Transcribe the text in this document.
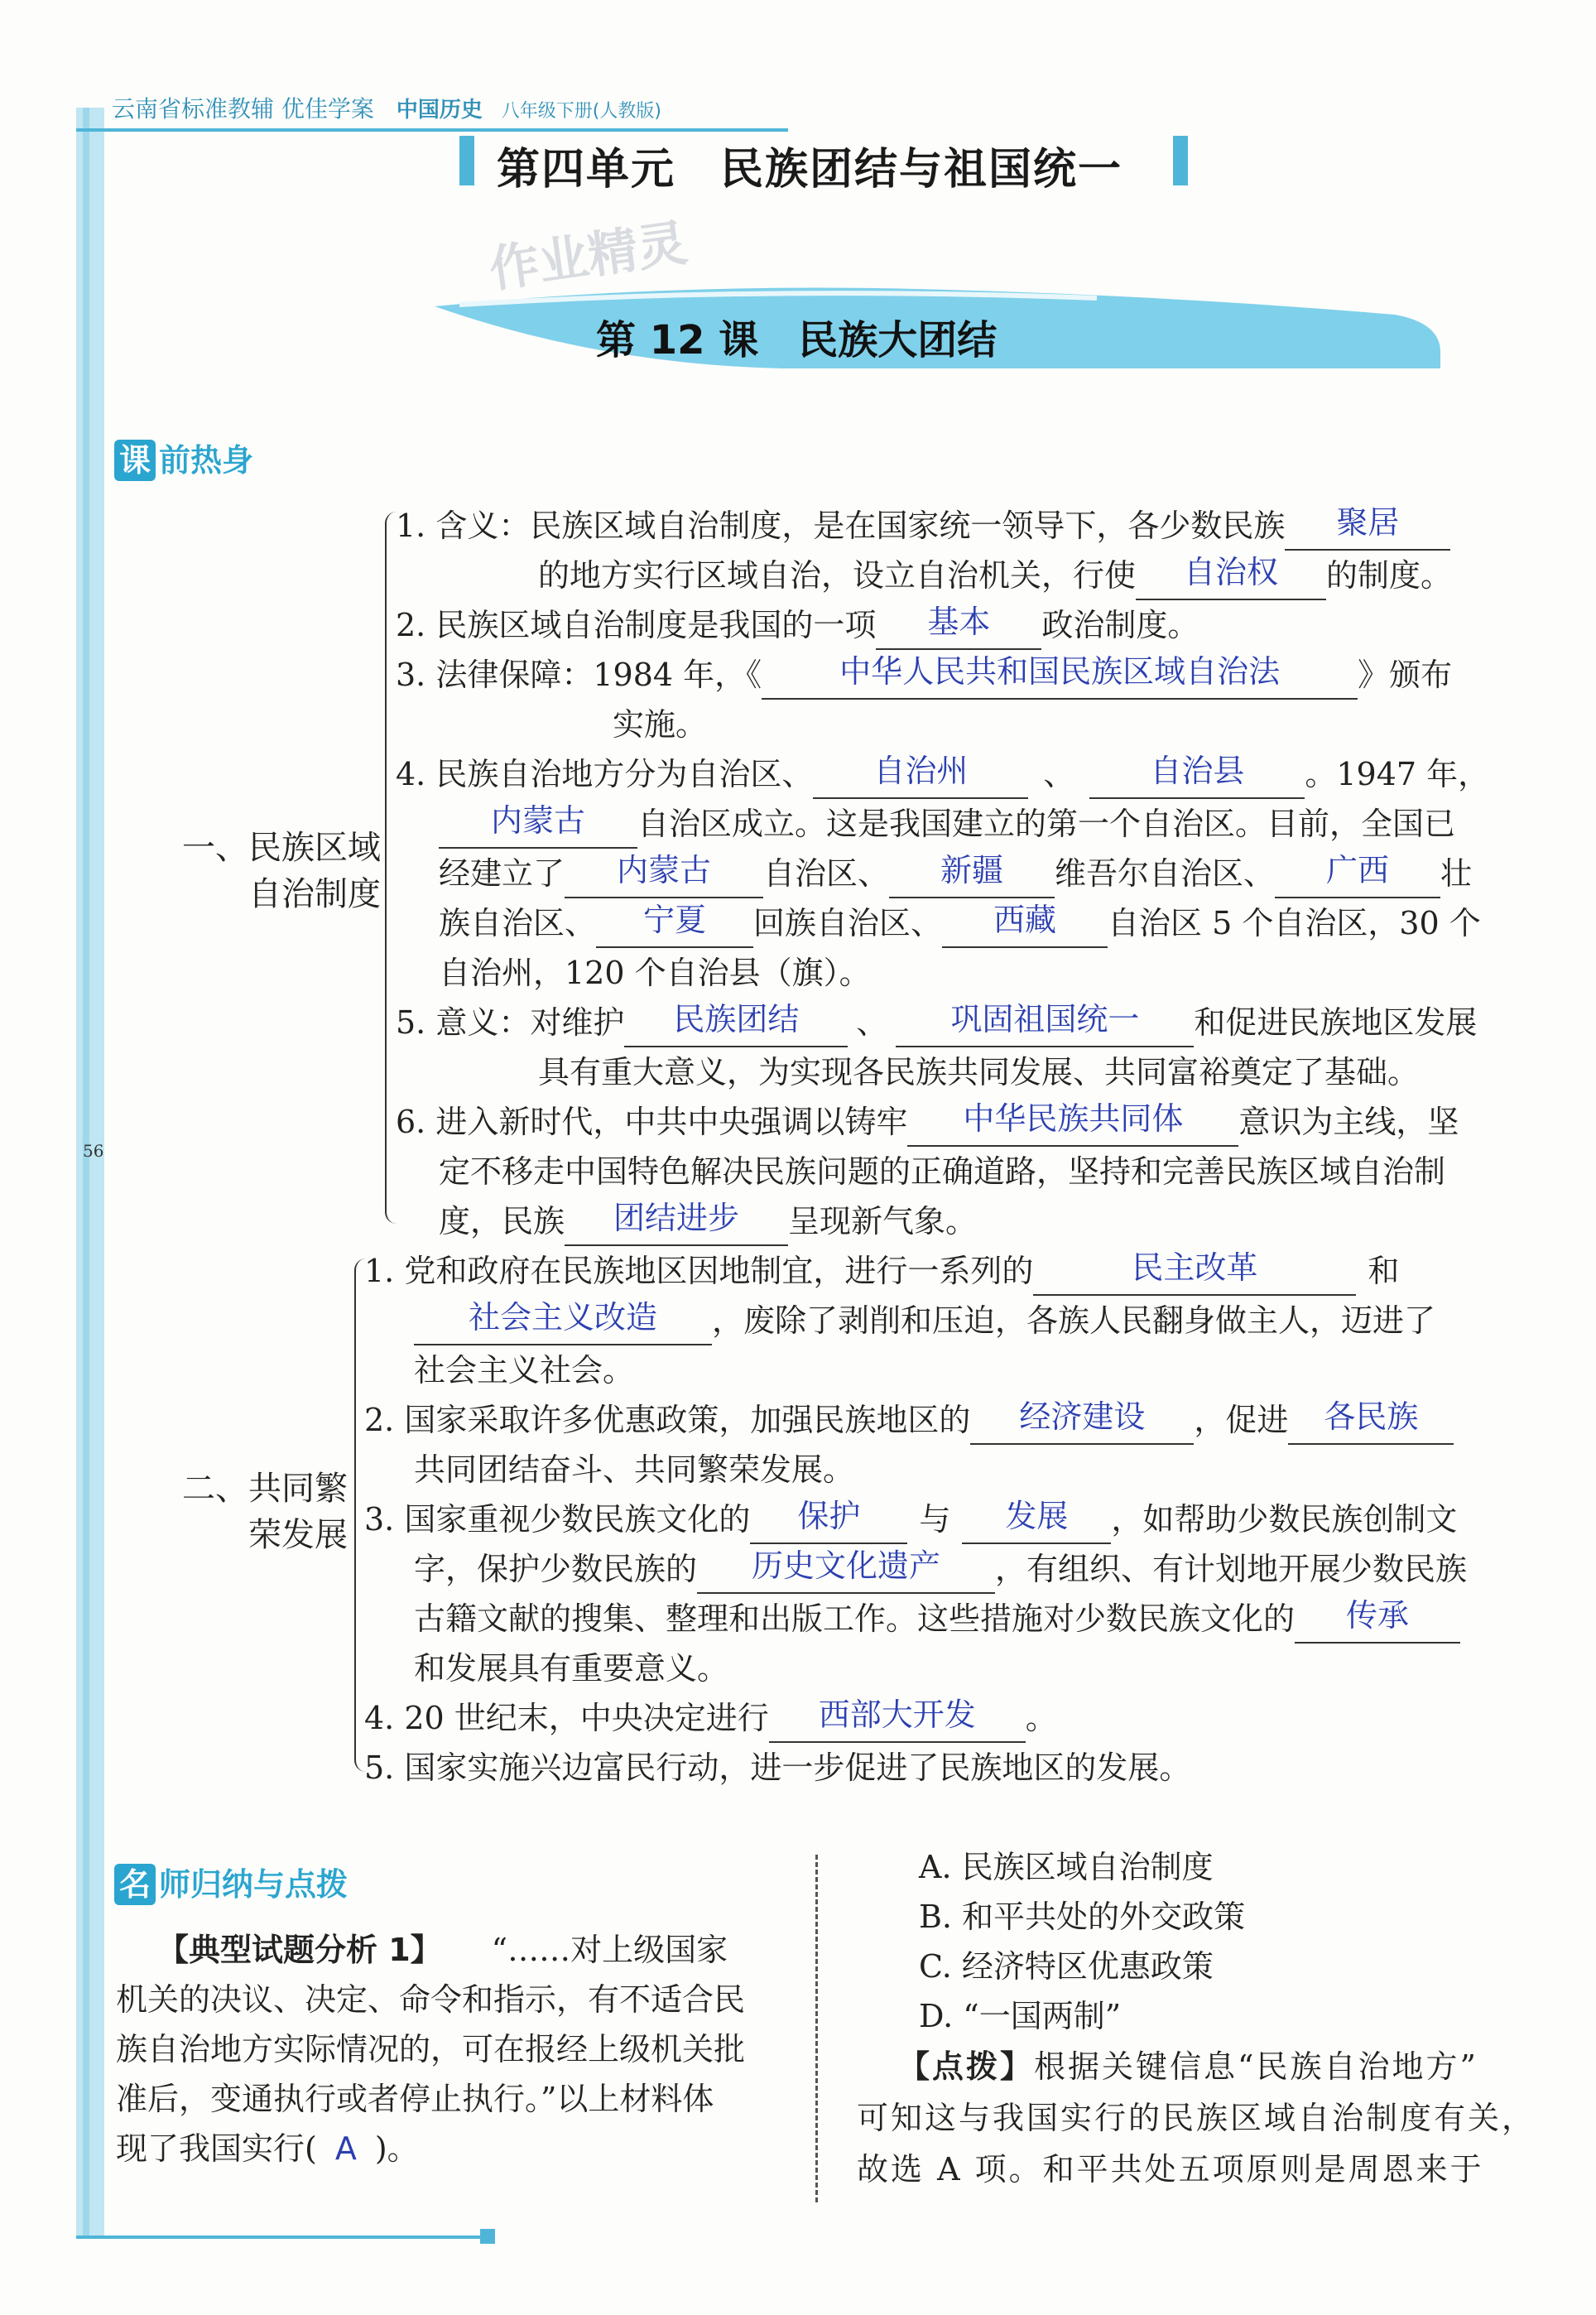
56
云南省标准教辅 优佳学案 中国历史 八年级下册(人教版)
第四单元　民族团结与祖国统一
作业精灵
第 12 课　民族大团结
课 前热身
一、民族区域
自治制度
1. 含义：民族区域自治制度，是在国家统一领导下，各少数民族 聚居
的地方实行区域自治，设立自治机关，行使 自治权 的制度。
2. 民族区域自治制度是我国的一项 基本 政治制度。
3. 法律保障：1984 年，《 中华人民共和国民族区域自治法 》颁布
实施。
4. 民族自治地方分为自治区、 自治州 、 自治县 。1947 年，
内蒙古 自治区成立。这是我国建立的第一个自治区。目前，全国已
经建立了 内蒙古 自治区、 新疆 维吾尔自治区、 广西 壮
族自治区、 宁夏 回族自治区、 西藏 自治区 5 个自治区，30 个
自治州，120 个自治县（旗）。
5. 意义：对维护 民族团结 、 巩固祖国统一 和促进民族地区发展
具有重大意义，为实现各民族共同发展、共同富裕奠定了基础。
6. 进入新时代，中共中央强调以铸牢 中华民族共同体 意识为主线，坚
定不移走中国特色解决民族问题的正确道路，坚持和完善民族区域自治制
度，民族 团结进步 呈现新气象。
二、共同繁
荣发展
1. 党和政府在民族地区因地制宜，进行一系列的	民主改革	和
社会主义改造 ，废除了剥削和压迫，各族人民翻身做主人，迈进了
社会主义社会。
2. 国家采取许多优惠政策，加强民族地区的 经济建设 ，促进 各民族
共同团结奋斗、共同繁荣发展。
3. 国家重视少数民族文化的 保护 与 发展 ，如帮助少数民族创制文
字，保护少数民族的 历史文化遗产 ，有组织、有计划地开展少数民族
古籍文献的搜集、整理和出版工作。这些措施对少数民族文化的 传承
和发展具有重要意义。
4. 20 世纪末，中央决定进行 西部大开发 。
5. 国家实施兴边富民行动，进一步促进了民族地区的发展。
名 师归纳与点拨
【典型试题分析 1】 “……对上级国家
机关的决议、决定、命令和指示，有不适合民
族自治地方实际情况的，可在报经上级机关批
准后，变通执行或者停止执行。”以上材料体
现了我国实行( A )。
A. 民族区域自治制度
B. 和平共处的外交政策
C. 经济特区优惠政策
D. “一国两制”
【点拨】根据关键信息“民族自治地方”
可知这与我国实行的民族区域自治制度有关，
故选 A 项。和平共处五项原则是周恩来于
